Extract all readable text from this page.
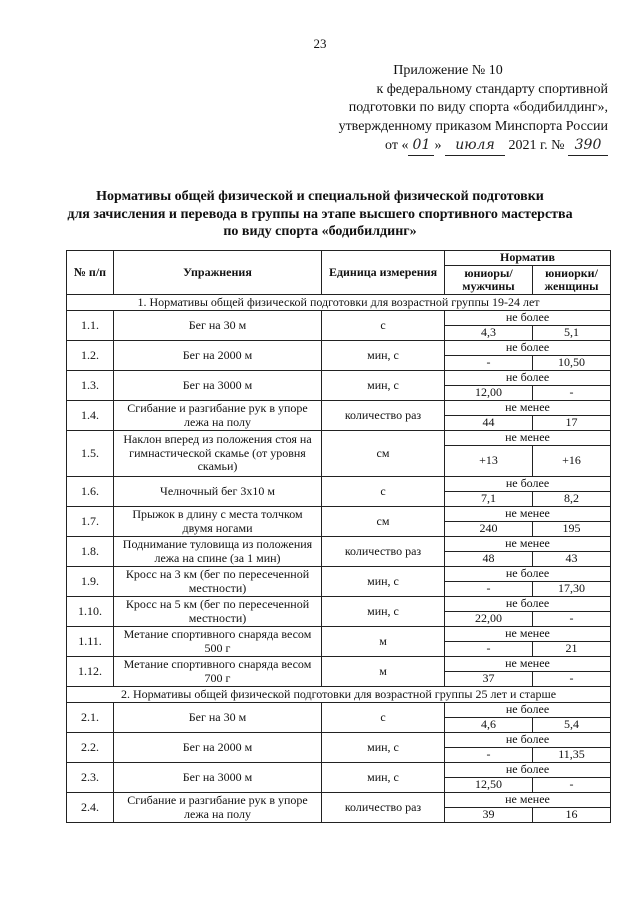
23
Приложение № 10
к федеральному стандарту спортивной
подготовки по виду спорта «бодибилдинг»,
утвержденному приказом Минспорта России
от « 01 » июля 2021 г. № 390
Нормативы общей физической и специальной физической подготовки
для зачисления и перевода в группы на этапе высшего спортивного мастерства
по виду спорта «бодибилдинг»
№ п/п	Упражнения	Единица измерения	Норматив	
			юниоры/ мужчины	юниорки/ женщины
1. Нормативы общей физической подготовки для возрастной группы 19-24 лет				
1.1.	Бег на 30 м	с	не более	
			4,3	5,1
1.2.	Бег на 2000 м	мин, с	не более	
			-	10,50
1.3.	Бег на 3000 м	мин, с	не более	
			12,00	-
1.4.	Сгибание и разгибание рук в упоре лежа на полу	количество раз	не менее	
			44	17
1.5.	Наклон вперед из положения стоя на гимнастической скамье (от уровня скамьи)	см	не менее	
			+13	+16
1.6.	Челночный бег 3х10 м	с	не более	
			7,1	8,2
1.7.	Прыжок в длину с места толчком двумя ногами	см	не менее	
			240	195
1.8.	Поднимание туловища из положения лежа на спине (за 1 мин)	количество раз	не менее	
			48	43
1.9.	Кросс на 3 км (бег по пересеченной местности)	мин, с	не более	
			-	17,30
1.10.	Кросс на 5 км (бег по пересеченной местности)	мин, с	не более	
			22,00	-
1.11.	Метание спортивного снаряда весом 500 г	м	не менее	
			-	21
1.12.	Метание спортивного снаряда весом 700 г	м	не менее	
			37	-
2. Нормативы общей физической подготовки для возрастной группы 25 лет и старше				
2.1.	Бег на 30 м	с	не более	
			4,6	5,4
2.2.	Бег на 2000 м	мин, с	не более	
			-	11,35
2.3.	Бег на 3000 м	мин, с	не более	
			12,50	-
2.4.	Сгибание и разгибание рук в упоре лежа на полу	количество раз	не менее	
			39	16
